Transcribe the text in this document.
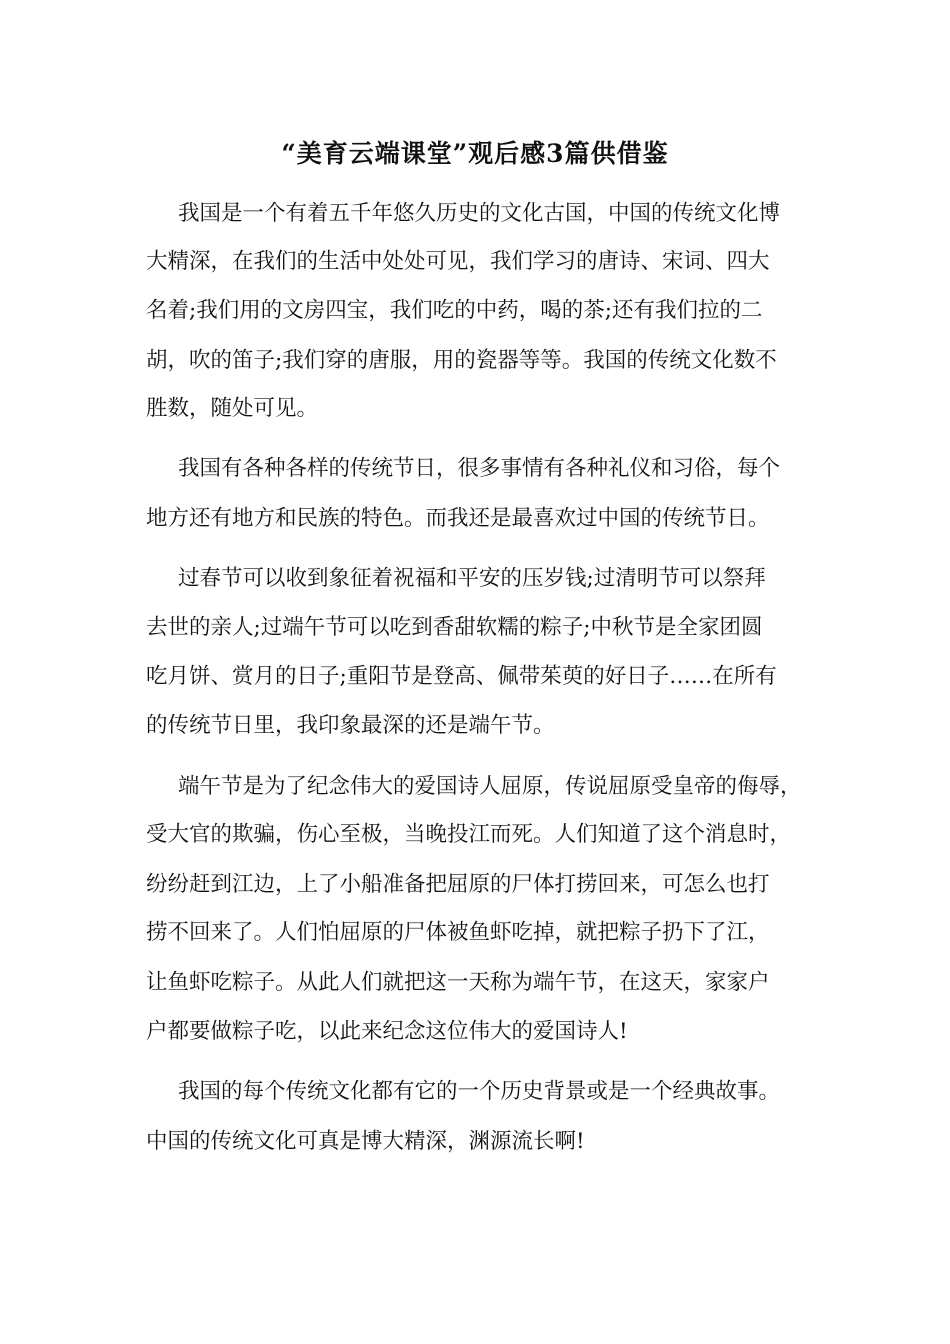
“美育云端课堂”观后感3篇供借鉴
我国是一个有着五千年悠久历史的文化古国，中国的传统文化博
大精深，在我们的生活中处处可见，我们学习的唐诗、宋词、四大
名着;我们用的文房四宝，我们吃的中药，喝的茶;还有我们拉的二
胡，吹的笛子;我们穿的唐服，用的瓷器等等。我国的传统文化数不
胜数，随处可见。
我国有各种各样的传统节日，很多事情有各种礼仪和习俗，每个
地方还有地方和民族的特色。而我还是最喜欢过中国的传统节日。
过春节可以收到象征着祝福和平安的压岁钱;过清明节可以祭拜
去世的亲人;过端午节可以吃到香甜软糯的粽子;中秋节是全家团圆
吃月饼、赏月的日子;重阳节是登高、佩带茱萸的好日子……在所有
的传统节日里，我印象最深的还是端午节。
端午节是为了纪念伟大的爱国诗人屈原，传说屈原受皇帝的侮辱，
受大官的欺骗，伤心至极，当晚投江而死。人们知道了这个消息时，
纷纷赶到江边，上了小船准备把屈原的尸体打捞回来，可怎么也打
捞不回来了。人们怕屈原的尸体被鱼虾吃掉，就把粽子扔下了江，
让鱼虾吃粽子。从此人们就把这一天称为端午节，在这天，家家户
户都要做粽子吃，以此来纪念这位伟大的爱国诗人!
我国的每个传统文化都有它的一个历史背景或是一个经典故事。
中国的传统文化可真是博大精深，渊源流长啊!
